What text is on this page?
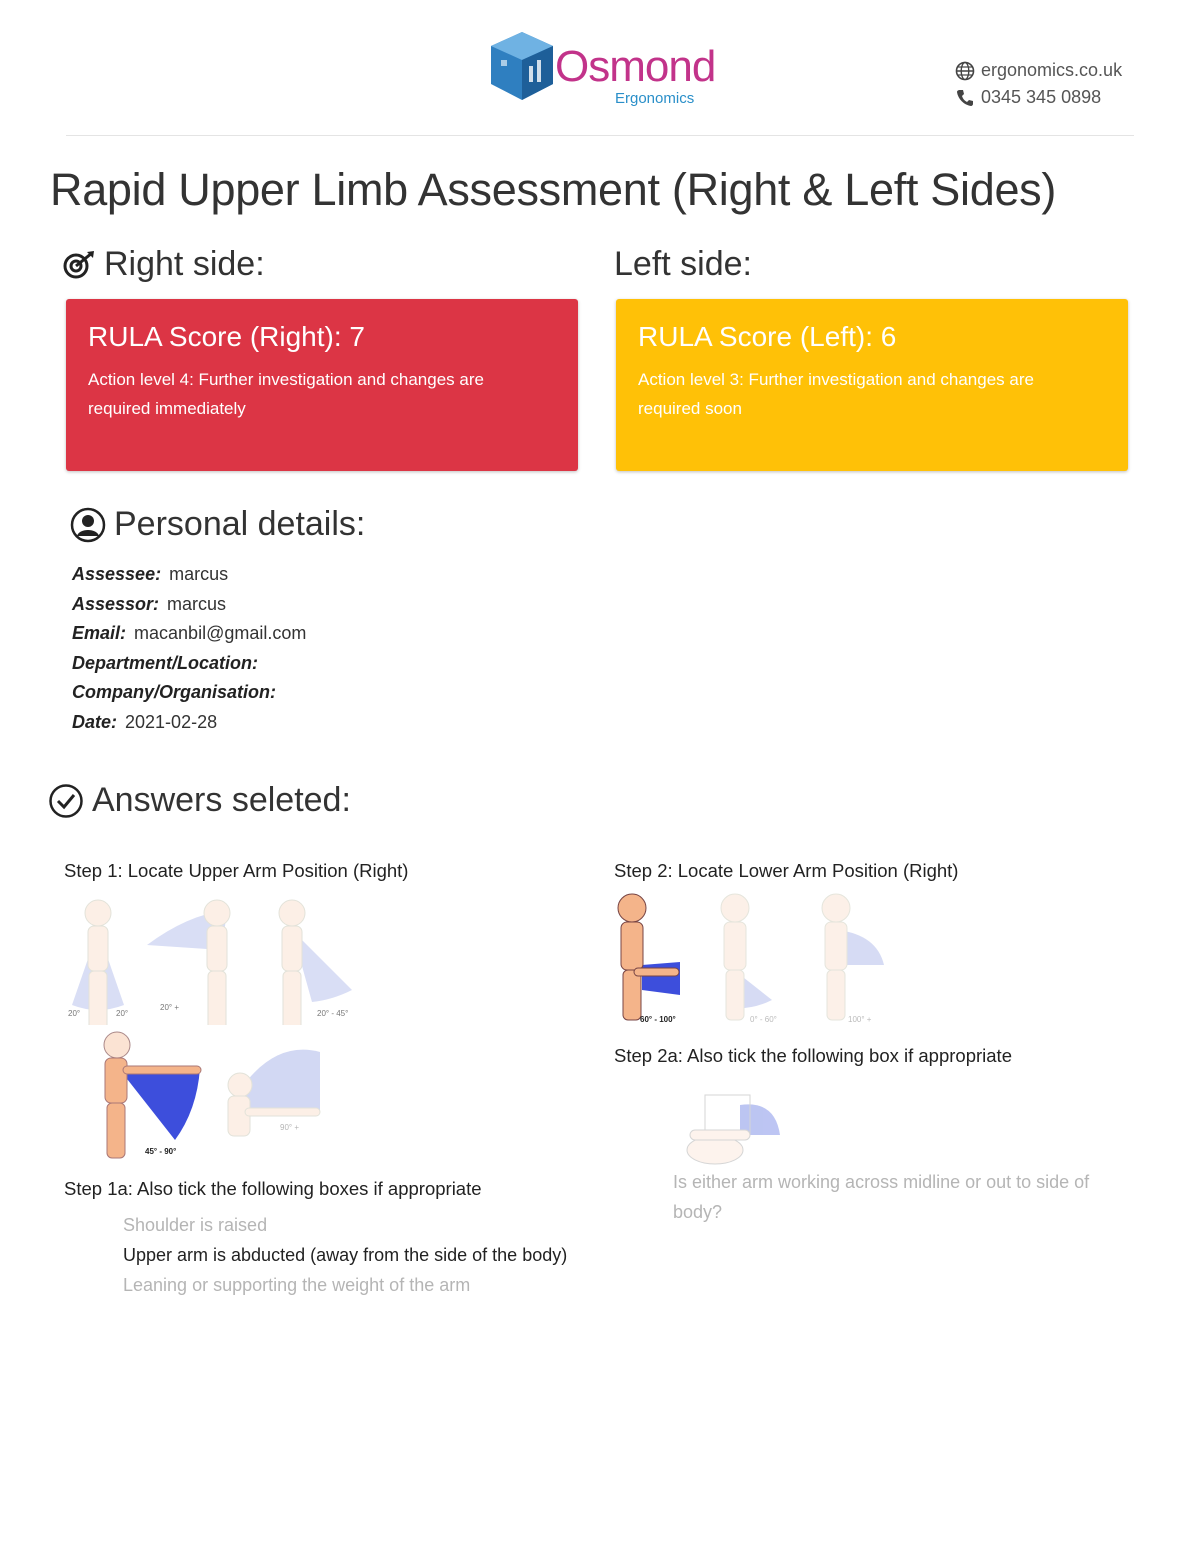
Osmond
Ergonomics
ergonomics.co.uk
0345 345 0898
Rapid Upper Limb Assessment (Right & Left Sides)
Right side:	Left side:
RULA Score (Right): 7
Action level 4: Further investigation and changes are
required immediately
RULA Score (Left): 6
Action level 3: Further investigation and changes are
required soon
Personal details:
Assessee: marcus
Assessor: marcus
Email: macanbil@gmail.com
Department/Location:
Company/Organisation:
Date: 2021-02-28
Answers seleted:
Step 1: Locate Upper Arm Position (Right)	Step 2: Locate Lower Arm Position (Right)
20°	20°
20° +
20° - 45°
45° - 90°
90° +
Step 1a: Also tick the following boxes if appropriate
Shoulder is raised
Upper arm is abducted (away from the side of the body)
Leaning or supporting the weight of the arm
60° - 100°	0° - 60°	100° +
Step 2a: Also tick the following box if appropriate
Is either arm working across midline or out to side of
body?
